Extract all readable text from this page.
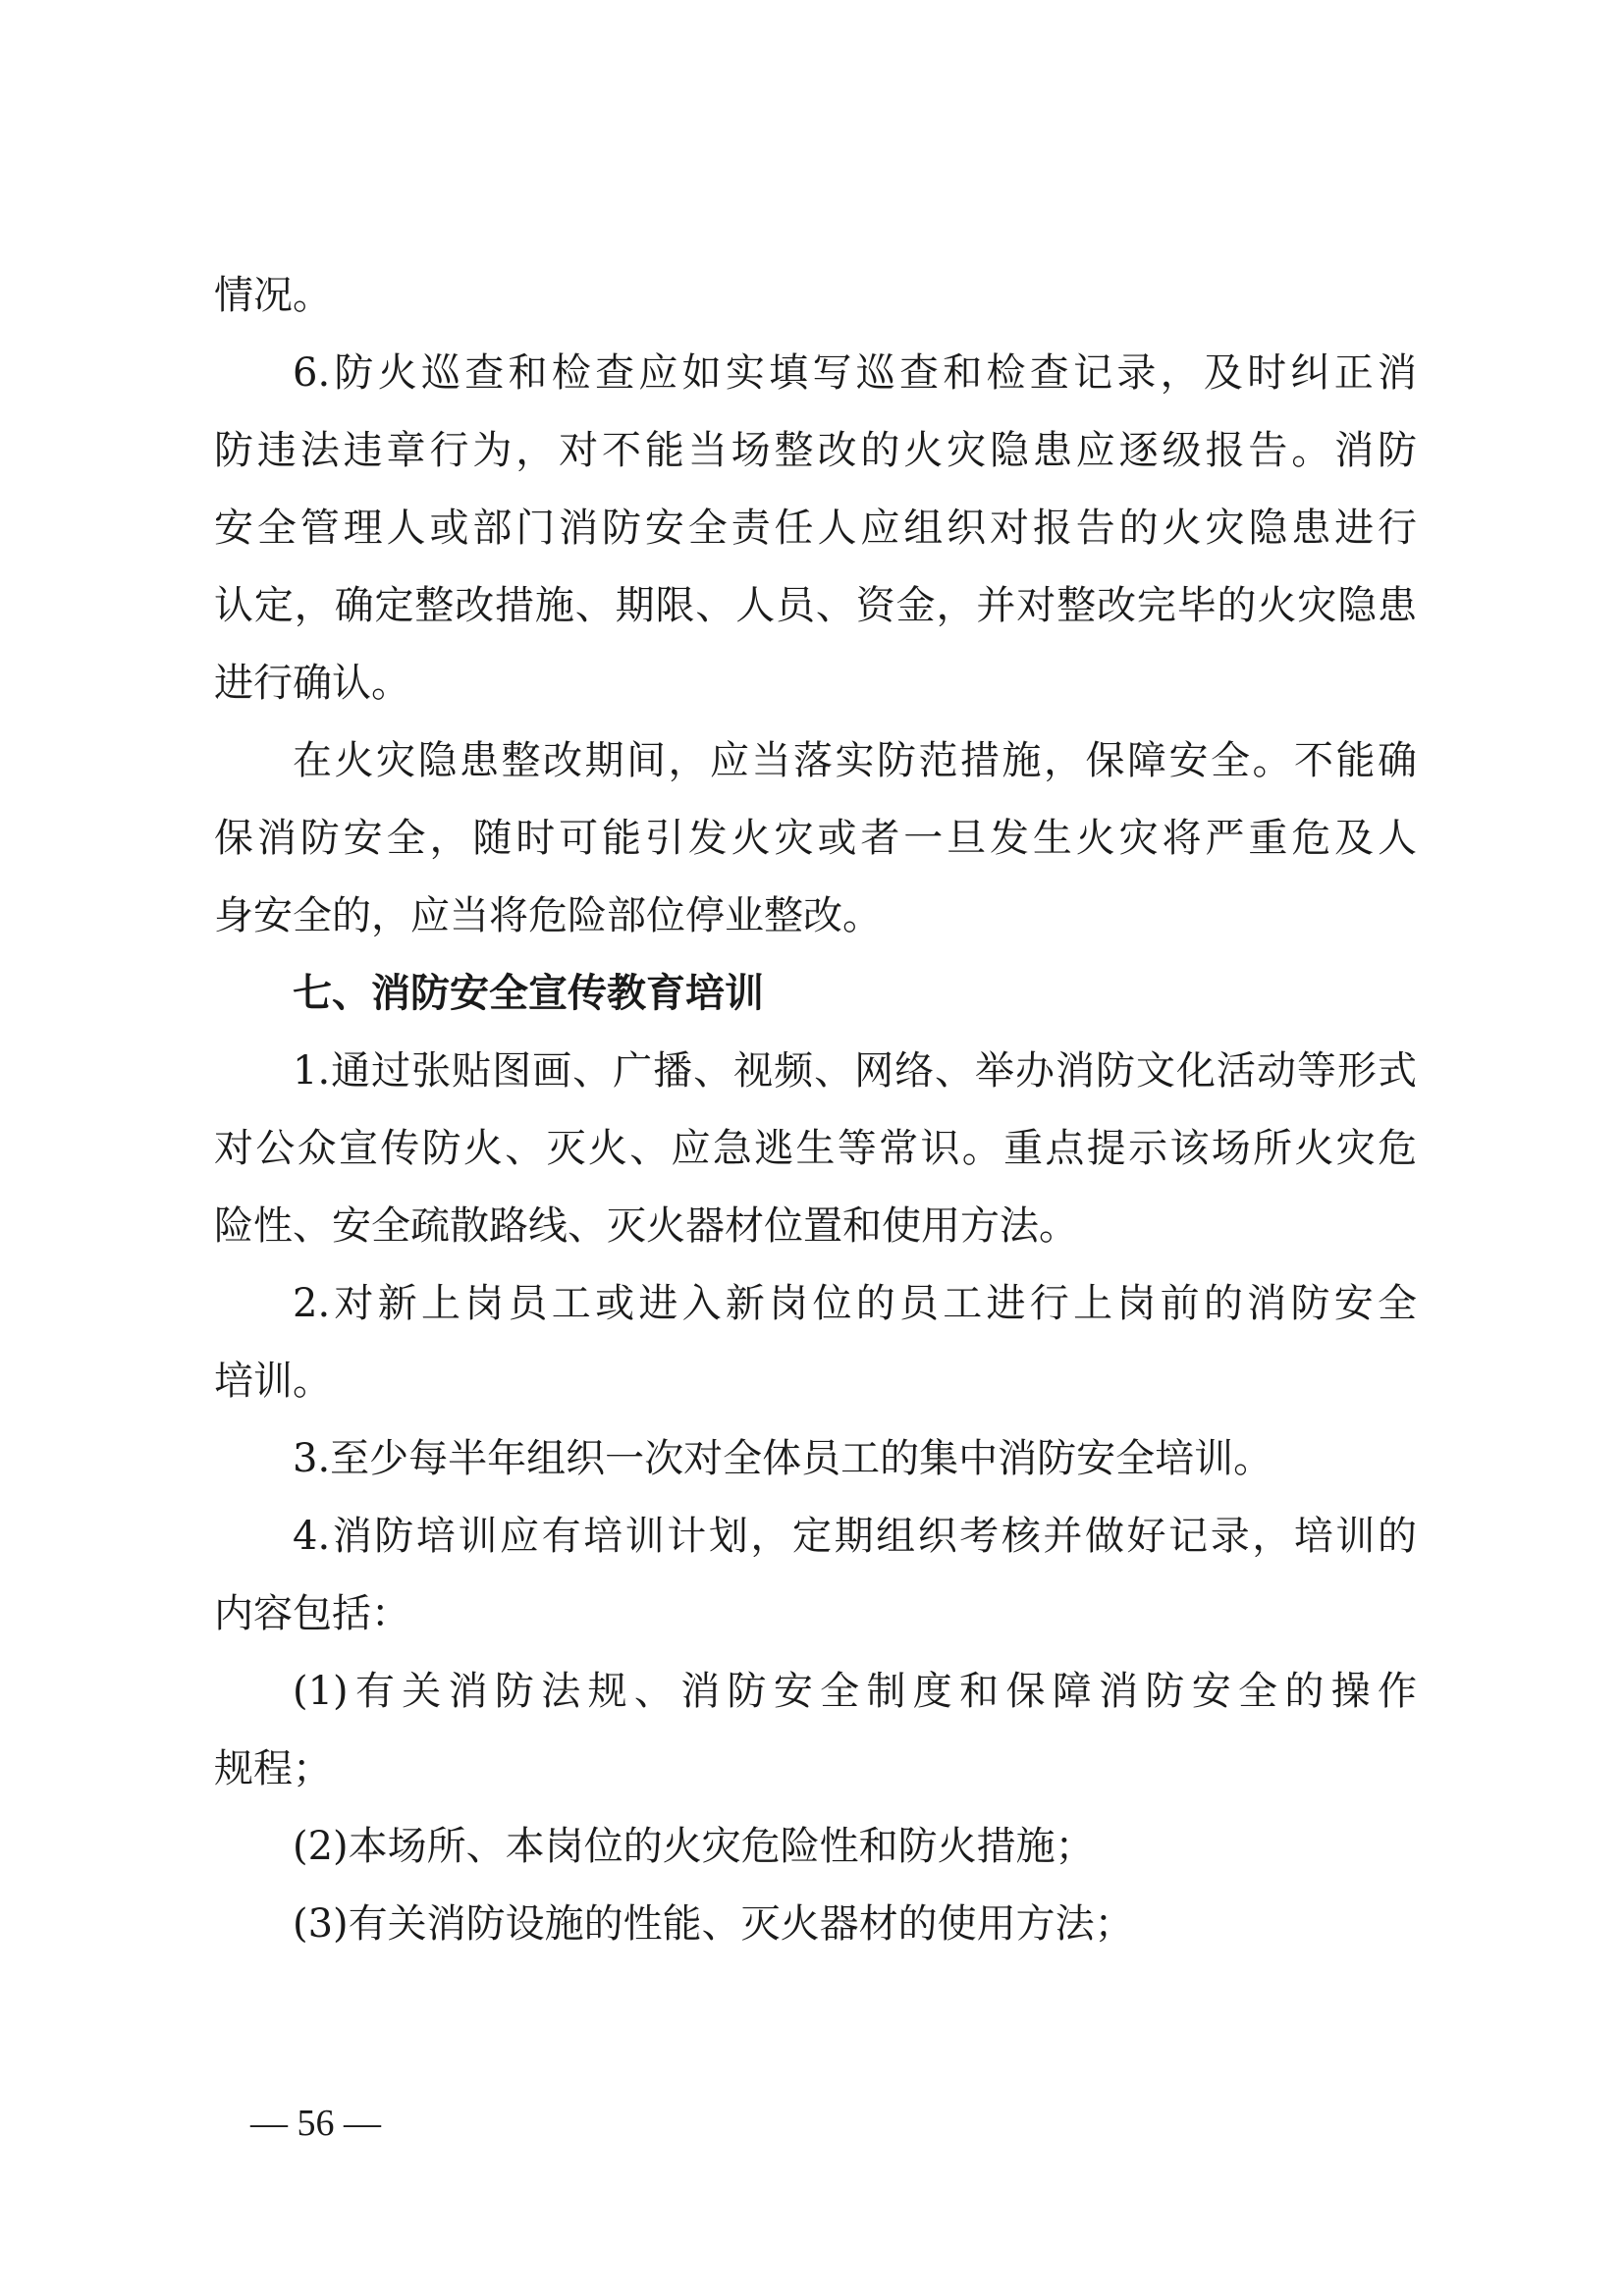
情况。
6.防火巡查和检查应如实填写巡查和检查记录，及时纠正消
防违法违章行为，对不能当场整改的火灾隐患应逐级报告。消防
安全管理人或部门消防安全责任人应组织对报告的火灾隐患进行
认定，确定整改措施、期限、人员、资金，并对整改完毕的火灾隐患
进行确认。
在火灾隐患整改期间，应当落实防范措施，保障安全。不能确
保消防安全，随时可能引发火灾或者一旦发生火灾将严重危及人
身安全的，应当将危险部位停业整改。
七、消防安全宣传教育培训
1.通过张贴图画、广播、视频、网络、举办消防文化活动等形式
对公众宣传防火、灭火、应急逃生等常识。重点提示该场所火灾危
险性、安全疏散路线、灭火器材位置和使用方法。
2.对新上岗员工或进入新岗位的员工进行上岗前的消防安全
培训。
3.至少每半年组织一次对全体员工的集中消防安全培训。
4.消防培训应有培训计划，定期组织考核并做好记录，培训的
内容包括：
(1)有关消防法规、消防安全制度和保障消防安全的操作
规程；
(2)本场所、本岗位的火灾危险性和防火措施；
(3)有关消防设施的性能、灭火器材的使用方法；
— 56 —
